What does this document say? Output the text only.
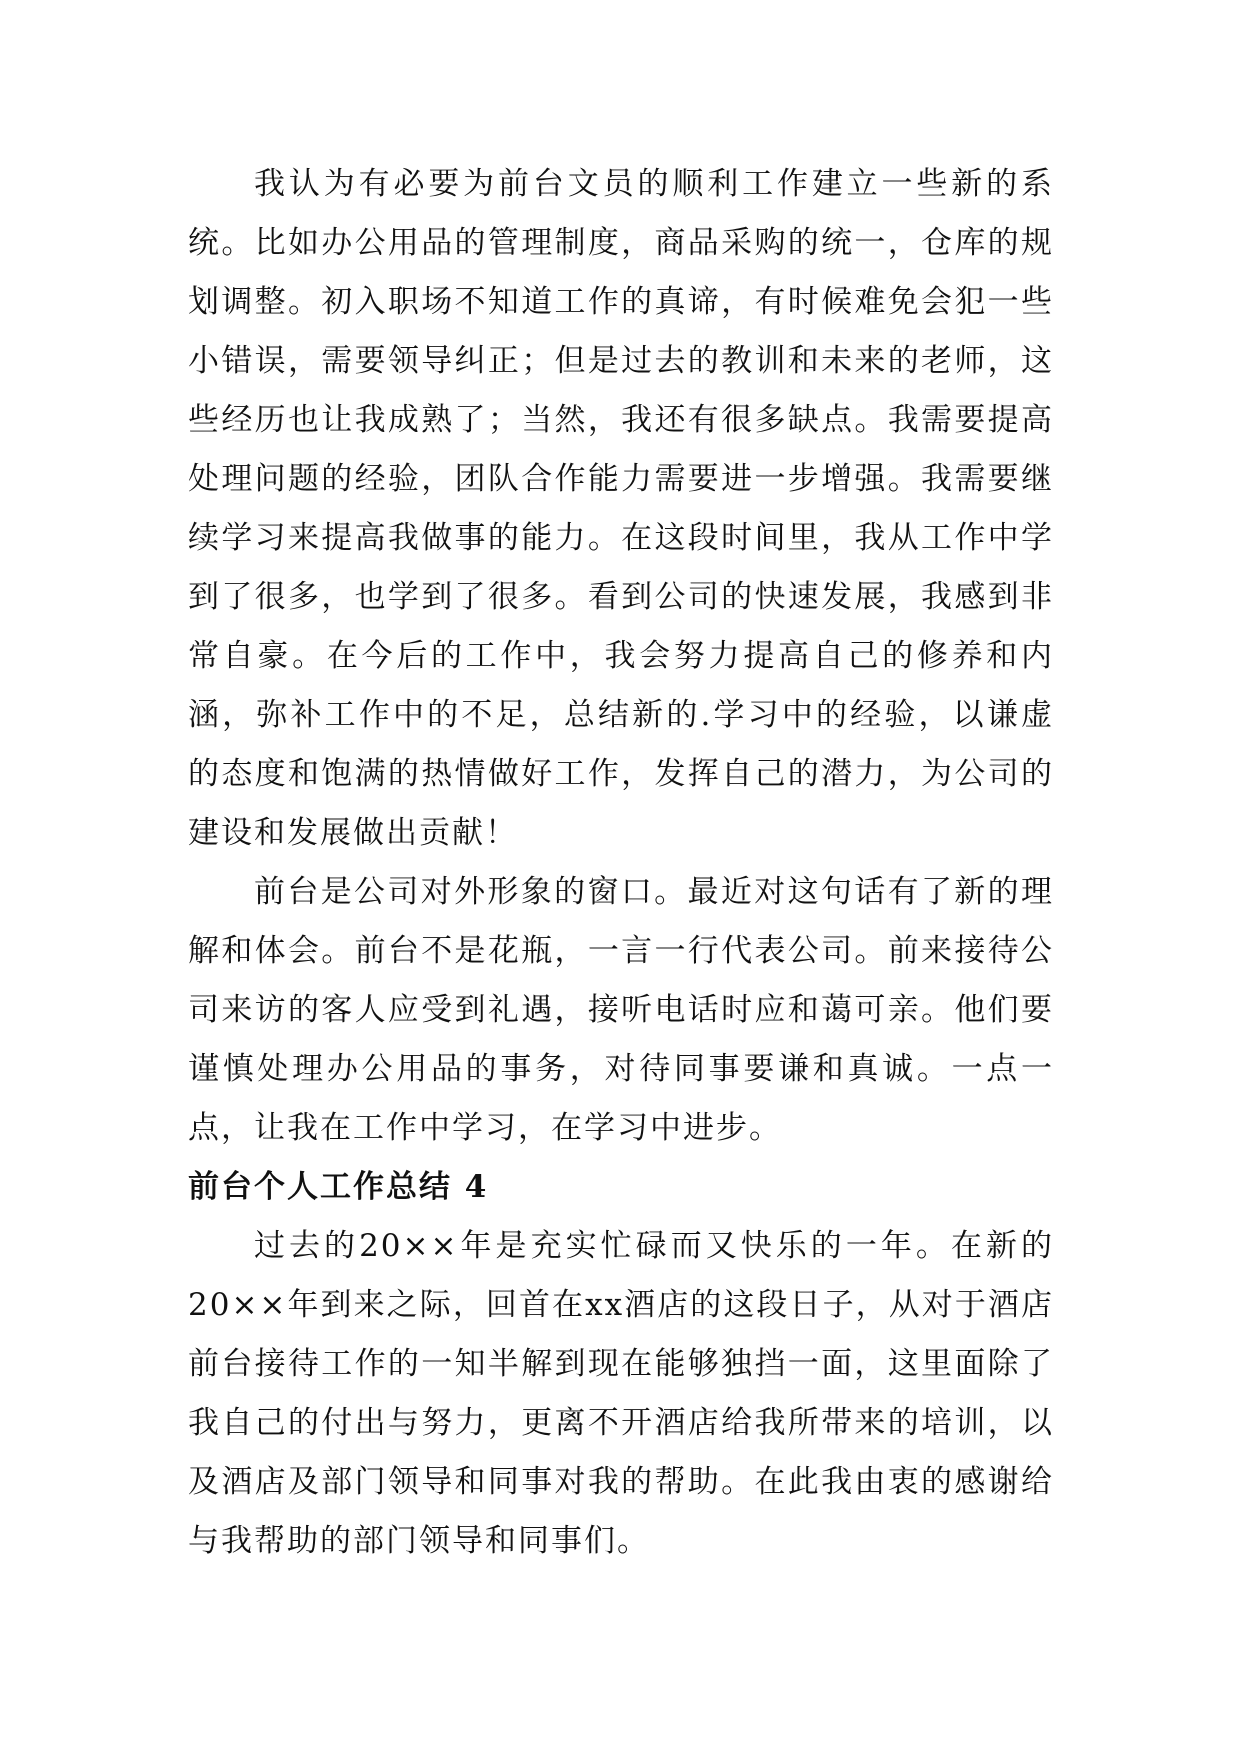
我认为有必要为前台文员的顺利工作建立一些新的系统。比如办公用品的管理制度，商品采购的统一，仓库的规划调整。初入职场不知道工作的真谛，有时候难免会犯一些小错误，需要领导纠正；但是过去的教训和未来的老师，这些经历也让我成熟了；当然，我还有很多缺点。我需要提高处理问题的经验，团队合作能力需要进一步增强。我需要继续学习来提高我做事的能力。在这段时间里，我从工作中学到了很多，也学到了很多。看到公司的快速发展，我感到非常自豪。在今后的工作中，我会努力提高自己的修养和内涵，弥补工作中的不足，总结新的.学习中的经验，以谦虚的态度和饱满的热情做好工作，发挥自己的潜力，为公司的建设和发展做出贡献！

前台是公司对外形象的窗口。最近对这句话有了新的理解和体会。前台不是花瓶，一言一行代表公司。前来接待公司来访的客人应受到礼遇，接听电话时应和蔼可亲。他们要谨慎处理办公用品的事务，对待同事要谦和真诚。一点一点，让我在工作中学习，在学习中进步。

前台个人工作总结 4

过去的20××年是充实忙碌而又快乐的一年。在新的20××年到来之际，回首在xx酒店的这段日子，从对于酒店前台接待工作的一知半解到现在能够独挡一面，这里面除了我自己的付出与努力，更离不开酒店给我所带来的培训，以及酒店及部门领导和同事对我的帮助。在此我由衷的感谢给与我帮助的部门领导和同事们。
